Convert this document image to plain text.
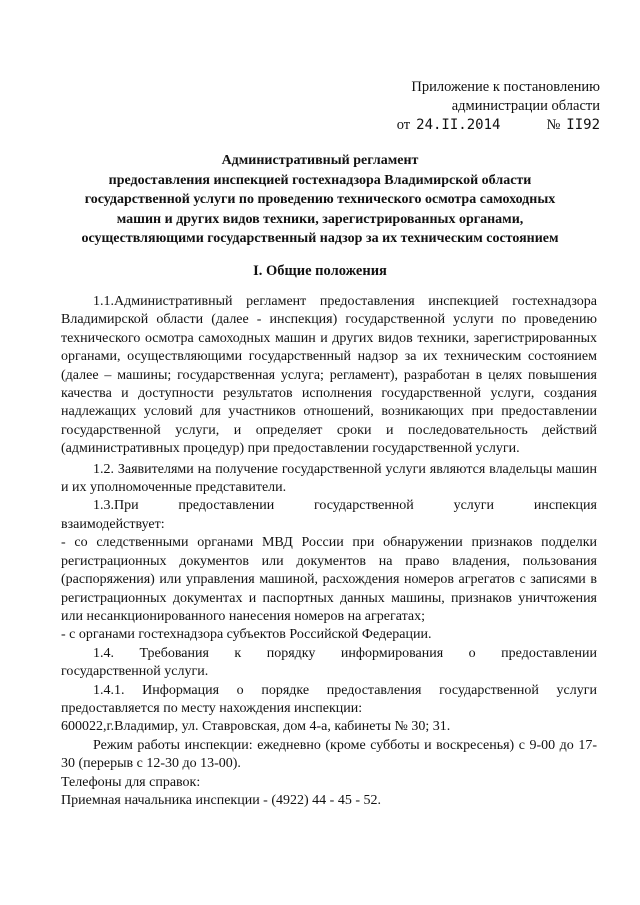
Приложение к постановлению
администрации области
от 24.II.2014	№ II92
Административный регламент
предоставления инспекцией гостехнадзора Владимирской области
государственной услуги по проведению технического осмотра самоходных
машин и других видов техники, зарегистрированных органами,
осуществляющими государственный надзор за их техническим состоянием
I. Общие положения

1.1.Административный регламент предоставления инспекцией гостехнадзора Владимирской области (далее - инспекция) государственной услуги по проведению технического осмотра самоходных машин и других видов техники, зарегистрированных органами, осуществляющими государственный надзор за их техническим состоянием (далее – машины; государственная услуга; регламент), разработан в целях повышения качества и доступности результатов исполнения государственной услуги, создания надлежащих условий для участников отношений, возникающих при предоставлении государственной услуги, и определяет сроки и последовательность действий (административных процедур) при предоставлении государственной услуги.

1.2. Заявителями на получение государственной услуги являются владельцы машин и их уполномоченные представители.

1.3.При	предоставлении	государственной	услуги	инспекция

взаимодействует:

- со следственными органами МВД России при обнаружении признаков подделки регистрационных документов или документов на право владения, пользования (распоряжения) или управления машиной, расхождения номеров агрегатов с записями в регистрационных документах и паспортных данных машины, признаков уничтожения или несанкционированного нанесения номеров на агрегатах;

- с органами гостехнадзора субъектов Российской Федерации.

1.4. Требования к порядку информирования о предоставлении

государственной услуги.

1.4.1. Информация о порядке предоставления государственной услуги предоставляется по месту нахождения инспекции:

600022,г.Владимир, ул. Ставровская, дом 4-а, кабинеты № 30; 31.

Режим работы инспекции: ежедневно (кроме субботы и воскресенья) с 9-00 до 17-30 (перерыв с 12-30 до 13-00).

Телефоны для справок:

Приемная начальника инспекции - (4922) 44 - 45 - 52.
